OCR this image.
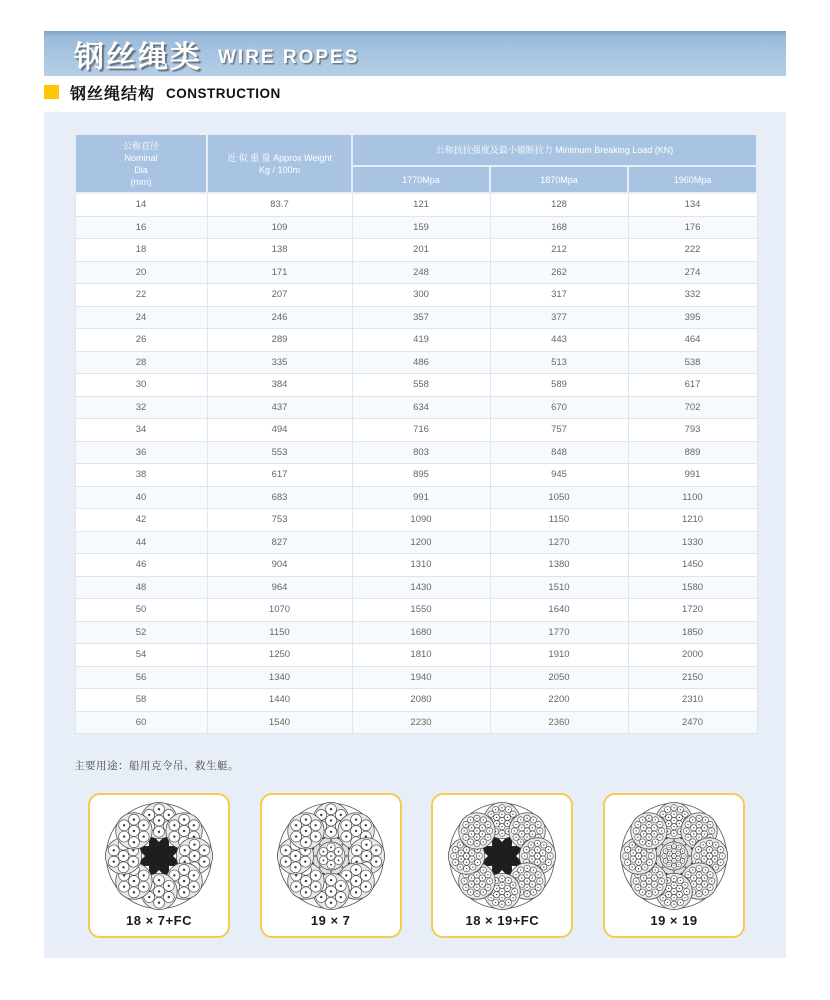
钢丝绳类 WIRE ROPES
钢丝绳结构 CONSTRUCTION
公称直径
Nominal
Dia
(mm)

近 似 重 量 Approx Weight
Kg / 100m
	公称抗拉强度及最小破断拉力 Minimum Breaking Load (KN)
		1770Mpa	1870Mpa	1960Mpa
14	83.7	121	128	134
16	109	159	168	176
18	138	201	212	222
20	171	248	262	274
22	207	300	317	332
24	246	357	377	395
26	289	419	443	464
28	335	486	513	538
30	384	558	589	617
32	437	634	670	702
34	494	716	757	793
36	553	803	848	889
38	617	895	945	991
40	683	991	1050	1100
42	753	1090	1150	1210
44	827	1200	1270	1330
46	904	1310	1380	1450
48	964	1430	1510	1580
50	1070	1550	1640	1720
52	1150	1680	1770	1850
54	1250	1810	1910	2000
56	1340	1940	2050	2150
58	1440	2080	2200	2310
60	1540	2230	2360	2470
主要用途：船用克令吊、救生艇。
18 × 7+FC	19 × 7	18 × 19+FC	19 × 19
